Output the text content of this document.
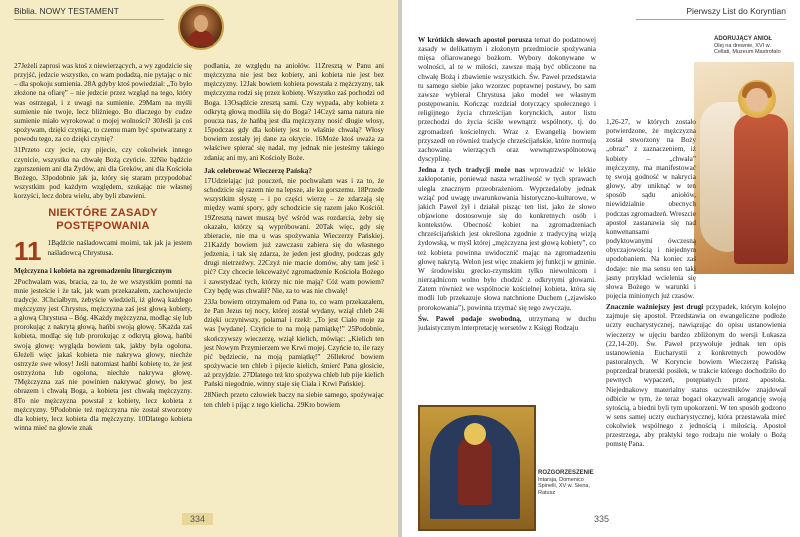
Biblia. NOWY TESTAMENT

27Jeżeli zaprosi was ktoś z niewierzących, a wy zgodzicie się przyjść, jedzcie wszystko, co wam podadzą, nie pytając o nic – dla spokoju sumienia. 28A gdyby ktoś powiedział: „To było złożone na ofiarę” – nie jedzcie przez wzgląd na tego, który was ostrzegał, i z uwagi na sumienie. 29Mam na myśli sumienie nie twoje, lecz bliźniego. Bo dlaczego by cudze sumienie miało wyrokować o mojej wolności? 30Jeśli ja coś spożywam, dzięki czyniąc, to czemu mam być spotwarzany z powodu tego, za co dzięki czynię?

31Przeto czy jecie, czy pijecie, czy cokolwiek innego czynicie, wszystko na chwałę Bożą czyńcie. 32Nie bądźcie zgorszeniem ani dla Żydów, ani dla Greków, ani dla Kościoła Bożego, 33podobnie jak ja, który się staram przypodobać wszystkim pod każdym względem, szukając nie własnej korzyści, lecz dobra wielu, aby byli zbawieni.

NIEKTÓRE ZASADY POSTĘPOWANIA
11 1Bądźcie naśladowcami moimi, tak jak ja jestem naśladowcą Chrystusa.
Mężczyzna i kobieta na zgromadzeniu liturgicznym

2Pochwalam was, bracia, za to, że we wszystkim pomni na mnie jesteście i że tak, jak wam przekazałem, zachowujecie tradycje. 3Chciałbym, żebyście wiedzieli, iż głową każdego mężczyzny jest Chrystus, mężczyzna zaś jest głową kobiety, a głową Chrystusa – Bóg. 4Każdy mężczyzna, modląc się lub prorokując z nakrytą głową, hańbi swoją głowę. 5Każda zaś kobieta, modląc się lub prorokując z odkrytą głową, hańbi swoją głowę: wygląda bowiem tak, jakby była ogolona. 6Jeżeli więc jakaś kobieta nie nakrywa głowy, niechże ostrzyże swe włosy! Jeśli natomiast hańbi kobietę to, że jest ostrzyżona lub ogolona, niechże nakrywa głowę. 7Mężczyzna zaś nie powinien nakrywać głowy, bo jest obrazem i chwałą Boga, a kobieta jest chwałą mężczyzny. 8To nie mężczyzna powstał z kobiety, lecz kobieta z mężczyzny. 9Podobnie też mężczyzna nie został stworzony dla kobiety, lecz kobieta dla mężczyzny. 10Dlatego kobieta winna mieć na głowie znak

podlania, ze względu na aniołów. 11Zresztą w Panu ani mężczyzna nie jest bez kobiety, ani kobieta nie jest bez mężczyzny. 12Jak bowiem kobieta powstała z mężczyzny, tak mężczyzna rodzi się przez kobietę. Wszystko zaś pochodzi od Boga. 13Osądźcie zresztą sami. Czy wypada, aby kobieta z odkrytą głową modliła się do Boga? 14Czyż sama natura nie poucza nas, że hańbą jest dla mężczyzny nosić długie włosy, 15podczas gdy dla kobiety jest to właśnie chwałą? Włosy bowiem zostały jej dane za okrycie. 16Może ktoś uważa za właściwe spierać się nadal, my jednak nie jesteśmy takiego zdania; ani my, ani Kościoły Boże.

Jak celebrować Wieczerzę Pańską?

17Udzielając już pouczeń, nie pochwalam was i za to, że schodzicie się razem nie na lepsze, ale ku gorszemu. 18Przede wszystkim słyszę – i po części wierzę – że zdarzają się między wami spory, gdy schodzicie się razem jako Kościół. 19Zresztą nawet muszą być wśród was rozdarcia, żeby się okazało, którzy są wypróbowani. 20Tak więc, gdy się zbieracie, nie ma u was spożywania Wieczerzy Pańskiej. 21Każdy bowiem już zawczasu zabiera się do własnego jedzenia, i tak się zdarza, że jeden jest głodny, podczas gdy drugi nietrzeźwy. 22Czyż nie macie domów, aby tam jeść i pić? Czy chcecie lekceważyć zgromadzenie Kościoła Bożego i zawstydzać tych, którzy nic nie mają? Cóż wam powiem? Czy będę was chwalił? Nie, za to was nie chwalę!

23Ja bowiem otrzymałem od Pana to, co wam przekazałem, że Pan Jezus tej nocy, której został wydany, wziął chleb 24i dzięki uczyniwszy, połamał i rzekł: „To jest Ciało moje za was [wydane]. Czyńcie to na moją pamiątkę!” 25Podobnie, skończywszy wieczerzę, wziął kielich, mówiąc: „Kielich ten jest Nowym Przymierzem we Krwi mojej. Czyńcie to, ile razy pić będziecie, na moją pamiątkę!” 26Ilekroć bowiem spożywacie ten chleb i pijecie kielich, śmierć Pana głosicie, aż przyjdzie. 27Dlatego też kto spożywa chleb lub pije kielich Pański niegodnie, winny staje się Ciała i Krwi Pańskiej.

28Niech przeto człowiek baczy na siebie samego, spożywając ten chleb i pijąc z tego kielicha. 29Kto bowiem

334
Pierwszy List do Koryntian
ADORUJĄCY ANIOŁ
Olej na drewnie, XVI w. Cellati, Muzeum Mastrofalo

W krótkich słowach apostoł porusza temat do podatnowej zasady w delikatnym i złożonym przedmiocie spożywania mięsa ofiarowanego bożkom. Wybory dokonywane w wolności, al te w miłości, zawsze mają być obliczone na chwałę Bożą i zbawienie wszystkich. Św. Paweł przedstawia tu samego siebie jako wzorzec poprawnej postawy, bo sam zawsze wybierał Chrystusa jako model we własnym postępowaniu. Kończąc rozdział dotyczący społecznego i religijnego życia chrześcijan korynckich, autor listu przechodzi do życia ściśle wewnątrz wspólnoty, tj. do zgromadzeń kościelnych. Wraz z Ewangelią bowiem przyszedł on również tradycje chrześcijańskie, które normują zachowania wierzących oraz wewnątrzwspólnotową dyscyplinę.

Jedna z tych tradycji może nas wprowadzić w lekkie zakłopotanie, ponieważ nasza wrażliwość w tych sprawach uległa znacznym przeobrażeniom. Wyprzedaloby jednak wziąć pod uwagę uwarunkowania historyczno-kulturowe, w jakich Paweł żył i działał pisząc ten list, jako że słowo objawione dostosowuje się do konkretnych osób i kontekstów. Obecność kobiet na zgromadzeniach chrześcijańskich jest określona zgodnie z tradycyjną wizją żydowską, w myśl której „mężczyzna jest głową kobiety”, co też kobieta powinna uwidocznić mając na zgromadzeniu głowę nakrytą. Welon jest więc znakiem jej funkcji w gminie. W środowisku grecko-rzymskim tylko niewolnicom i nierządnicom wolno było chodzić z odkrytymi głowami. Zatem również we wspólnocie kościelnej kobieta, która się modli lub przekazuje słowa natchnione Duchem („zjawisko prorokowania”), powinna trzymać się tego zwyczaju.

Św. Paweł podaje swobodną, utrzymaną w duchu judaistycznym interpretację wersetów z Księgi Rodzaju

ROZGORZESZENIE
Intarsja, Domenico Spinelli, XV w. Siena, Ratusz

1,26-27, w których zostało potwierdzone, że mężczyzna został stworzony na Boży „obraz” z zaznaczeniem, iż kobiety – „chwała” mężczyzny, ma manifestować tę swoją godność w nakrycia głowy, aby uniknąć w ten sposób sądu aniołów, niewidzialnie obecnych podczas zgromadzeń. Wreszcie apostoł zastanawia się nad konwenansami podyktowanymi ówczesną obyczajowością i niejednym upodobaniem. Na koniec zaś dodaje: nie ma sensu ten taki jasny przykład wcielenia się słowa Bożego w warunki i pojęcia minionych już czasów.

Znacznie ważniejszy jest drugi przypadek, którym kolejno zajmuje się apostoł. Przedstawia on ewangeliczne podłoże uczty eucharystycznej, nawiązując do opisu ustanowienia wieczerzy w ujęciu bardzo zbliżonym do wersji Łukasza (22,14-20). Św. Paweł przywołuje jednak ten opis ustanowienia Eucharystii z konkretnych powodów pastoralnych. W Koryncie bowiem Wieczerzę Pańską poprzedzał braterski posiłek, w trakcie którego dochodziło do pewnych wypaczeń, potępianych przez apostoła. Niejednakowy materialny status uczestników znajdował odbicie w tym, że teraz bogaci okazywali arogancję swoją sytością, a biedni byli tym upokorzeni. W ten sposób godzono w sens samej uczty eucharystycznej, która przestawała mieć cokolwiek wspólnego z jednością i miłością. Apostoł przestrzega, aby praktyki tego rodzaju nie wołały o Bożą pomstę Pana.

335
